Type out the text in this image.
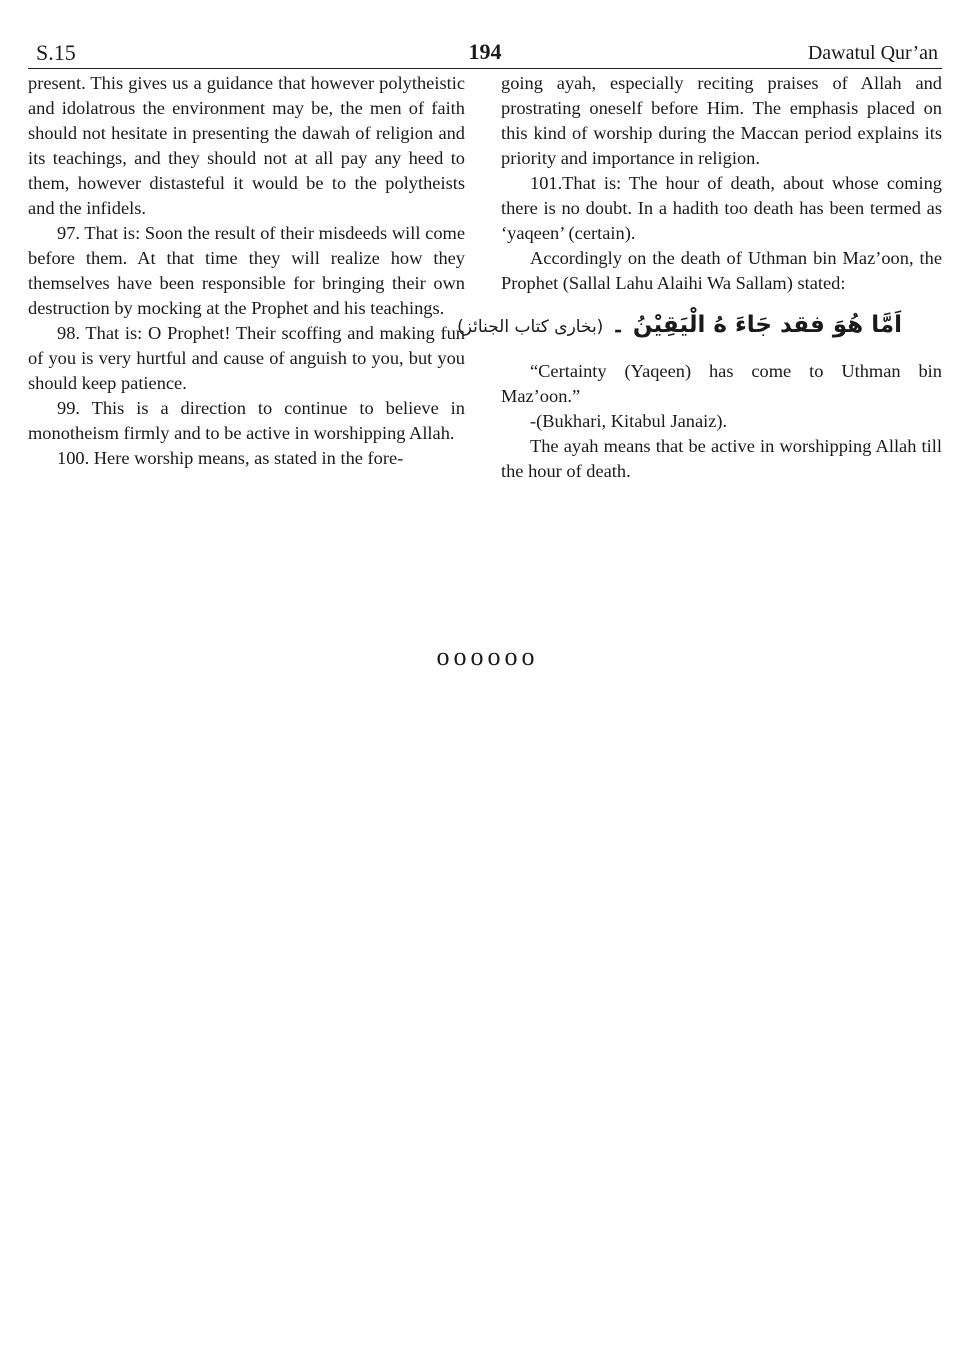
S.15	194	Dawatul Qur’an

present. This gives us a guidance that however polytheistic and idolatrous the environment may be, the men of faith should not hesitate in presenting the dawah of religion and its teachings, and they should not at all pay any heed to them, however distasteful it would be to the polytheists and the infidels.

97. That is: Soon the result of their misdeeds will come before them. At that time they will realize how they themselves have been responsible for bringing their own destruction by mocking at the Prophet and his teachings.

98. That is: O Prophet! Their scoffing and making fun of you is very hurtful and cause of anguish to you, but you should keep patience.

99. This is a direction to continue to believe in monotheism firmly and to be active in worshipping Allah.

100. Here worship means, as stated in the fore-

going ayah, especially reciting praises of Allah and prostrating oneself before Him. The emphasis placed on this kind of worship during the Maccan period explains its priority and importance in religion.

101.That is: The hour of death, about whose coming there is no doubt. In a hadith too death has been termed as ‘yaqeen’ (certain).

Accordingly on the death of Uthman bin Maz’oon, the Prophet (Sallal Lahu Alaihi Wa Sallam) stated:

اَمَّا هُوَ فقد جَاءَ هُ الْيَقِيْنُ ۔ (بخاری کتاب الجنائز)

“Certainty (Yaqeen) has come to Uthman bin Maz’oon.”

-(Bukhari, Kitabul Janaiz).

The ayah means that be active in worshipping Allah till the hour of death.

oooooo
